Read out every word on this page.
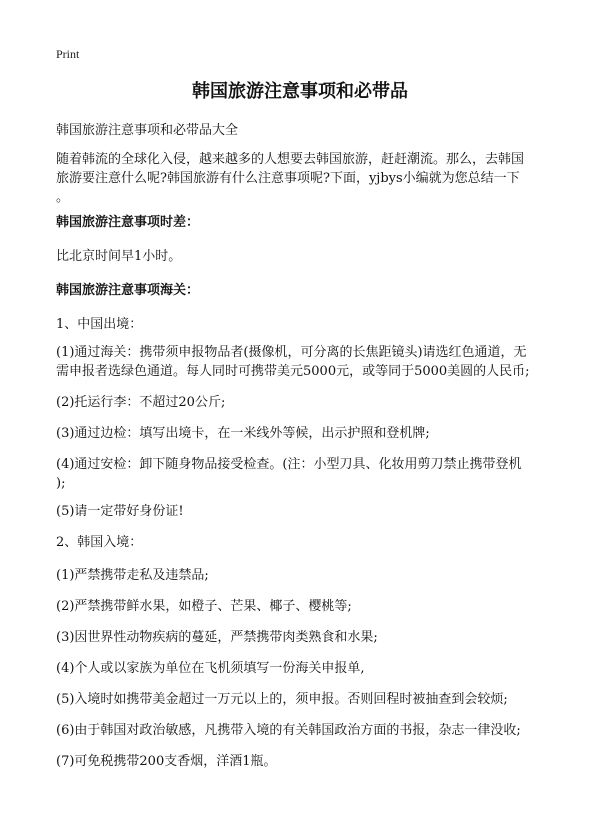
Print
韩国旅游注意事项和必带品

韩国旅游注意事项和必带品大全

随着韩流的全球化入侵，越来越多的人想要去韩国旅游，赶赶潮流。那么，去韩国
旅游要注意什么呢?韩国旅游有什么注意事项呢?下面，yjbys小编就为您总结一下
。

韩国旅游注意事项时差：

比北京时间早1小时。

韩国旅游注意事项海关：

1、中国出境：

(1)通过海关：携带须申报物品者(摄像机，可分离的长焦距镜头)请选红色通道，无
需申报者选绿色通道。每人同时可携带美元5000元，或等同于5000美圆的人民币;

(2)托运行李：不超过20公斤;

(3)通过边检：填写出境卡，在一米线外等候，出示护照和登机牌;

(4)通过安检：卸下随身物品接受检查。(注：小型刀具、化妆用剪刀禁止携带登机
);

(5)请一定带好身份证!

2、韩国入境：

(1)严禁携带走私及违禁品;

(2)严禁携带鲜水果，如橙子、芒果、椰子、樱桃等;

(3)因世界性动物疾病的蔓延，严禁携带肉类熟食和水果;

(4)个人或以家族为单位在飞机须填写一份海关申报单,

(5)入境时如携带美金超过一万元以上的，须申报。否则回程时被抽查到会较烦;

(6)由于韩国对政治敏感，凡携带入境的有关韩国政治方面的书报，杂志一律没收;

(7)可免税携带200支香烟，洋酒1瓶。
